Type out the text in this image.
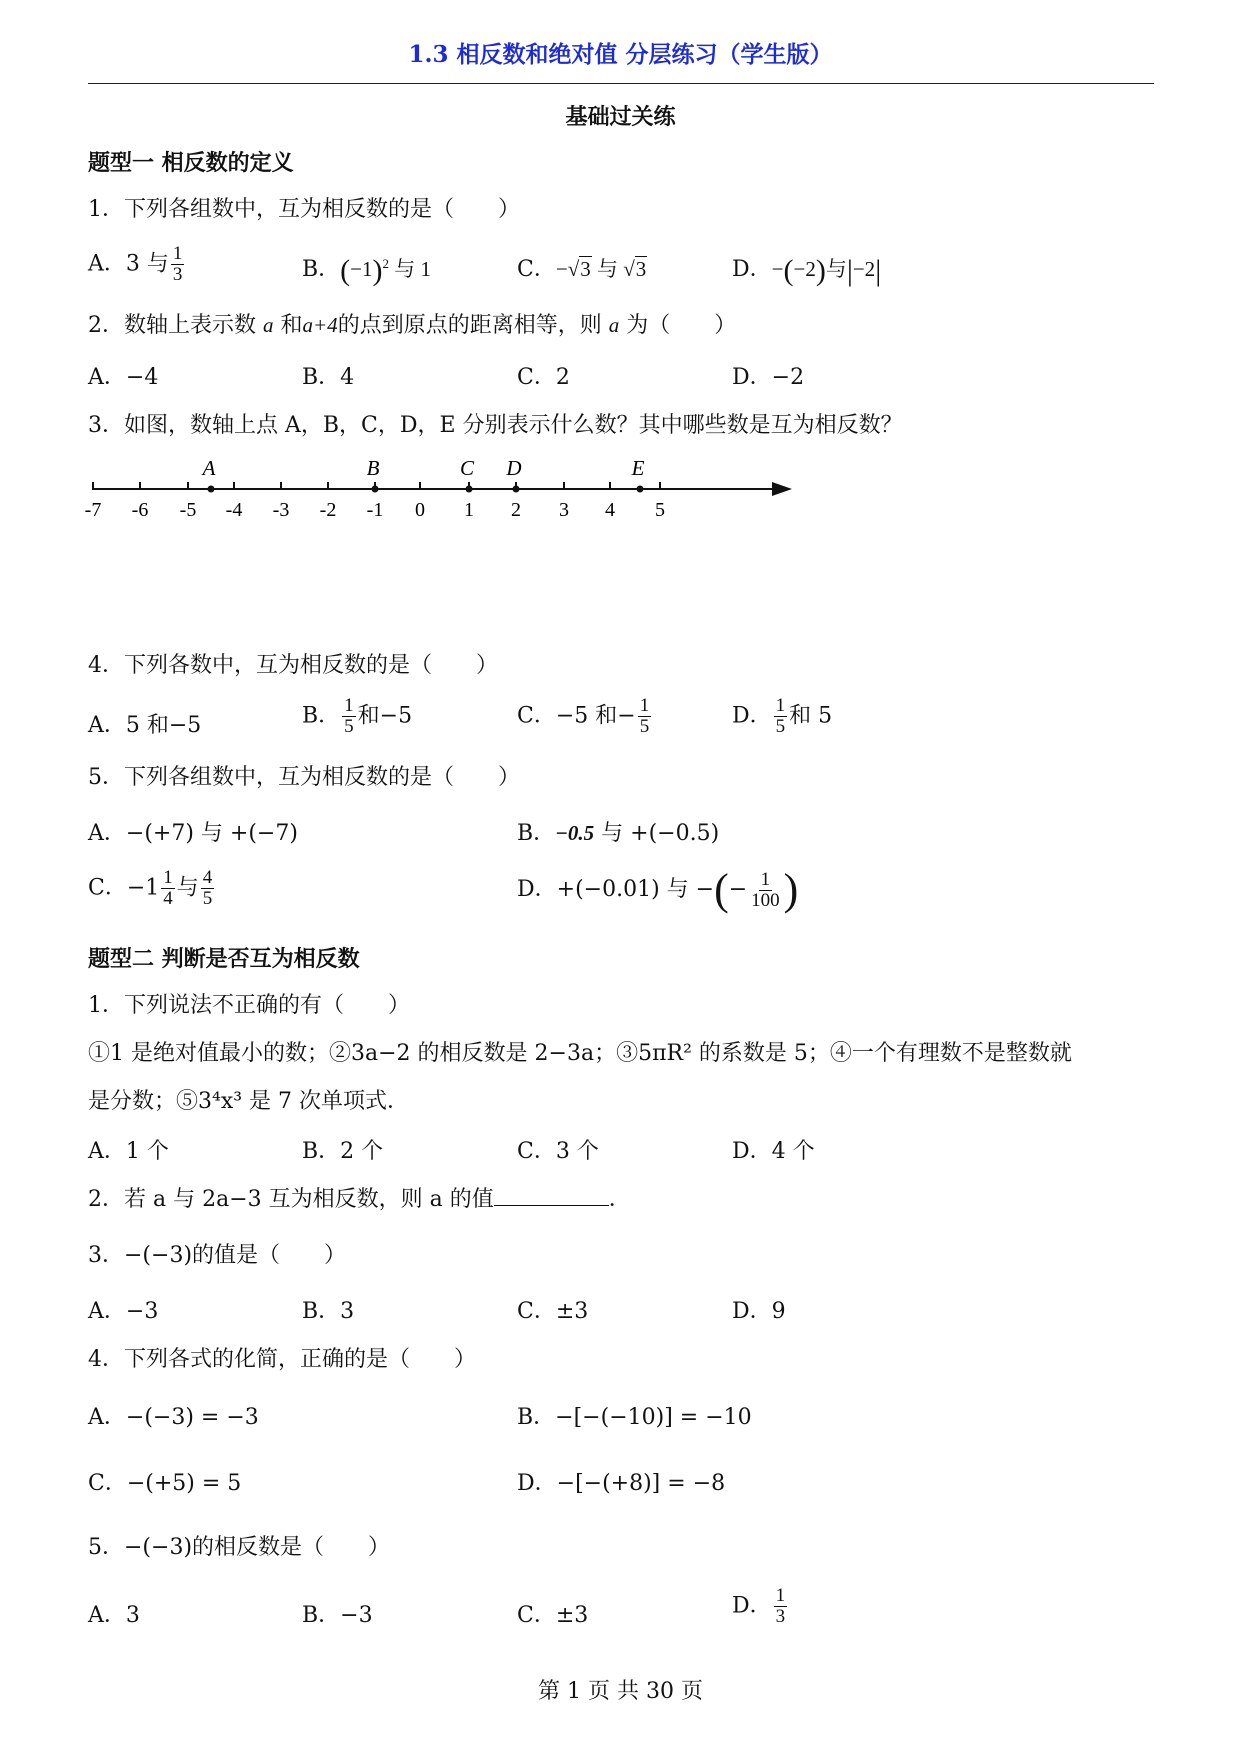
1.3 相反数和绝对值 分层练习（学生版）
基础过关练
题型一 相反数的定义
1．下列各组数中，互为相反数的是（　　）
A．3 与 $\frac{1}{3}$	B．$(-1)^2$ 与 1	C．−√3 与 √3	D．−(−2)与|−2|
2．数轴上表示数 a 和a+4的点到原点的距离相等，则 a 为（　　）
A．−4	B．4	C．2	D．−2
3．如图，数轴上点 A，B，C，D，E 分别表示什么数？其中哪些数是互为相反数？
-7 -6 -5 -4 -3 -2 -1 0 1 2 3 4 5
A	B	C D	E
4．下列各数中，互为相反数的是（　　）
A．5 和−5	B． $\frac{1}{5}$ 和−5	C．−5 和− $\frac{1}{5}$	D． $\frac{1}{5}$ 和 5
5．下列各组数中，互为相反数的是（　　）
A．−(+7) 与 +(−7)	B．−0.5 与 +(−0.5)
C．$-1 \frac{1}{4}$ 与 $\frac{4}{5}$	D．+(−0.01) 与 −(− $\frac{1}{100}$ )
题型二 判断是否互为相反数
1．下列说法不正确的有（　　）
①1 是绝对值最小的数；②3a−2 的相反数是 2−3a；③5πR² 的系数是 5；④一个有理数不是整数就
是分数；⑤3⁴x³ 是 7 次单项式．
A．1 个	B．2 个	C．3 个	D．4 个
2．若 a 与 2a−3 互为相反数，则 a 的值	．
3．−(−3)的值是（　　）
A．−3	B．3	C．±3	D．9
4．下列各式的化简，正确的是（　　）
A．−(−3) = −3	B．−[−(−10)] = −10
C．−(+5) = 5	D．−[−(+8)] = −8
5．−(−3)的相反数是（　　）
A．3	B．−3	C．±3	D． $\frac{1}{3}$
第 1 页 共 30 页
